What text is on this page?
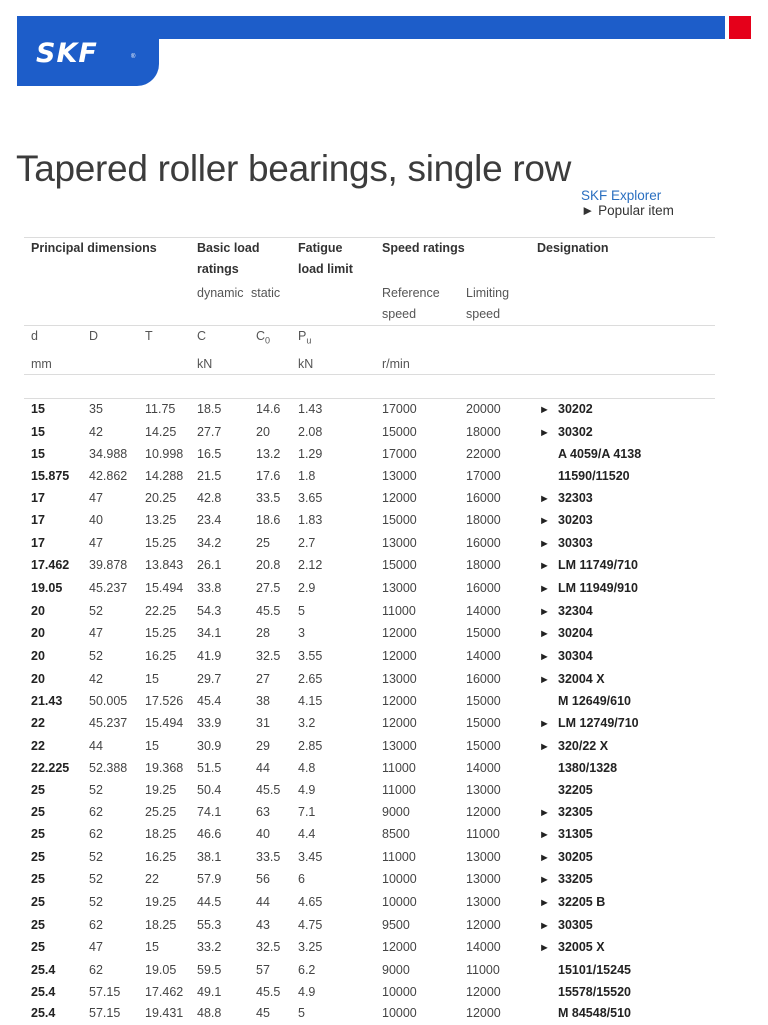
SKF	®
Tapered roller bearings, single row
SKF Explorer
► Popular item
Principal dimensions			Basic load
ratings		Fatigue
load limit	Speed ratings		Designation
			dynamic	static		Reference
speed	Limiting
speed	
d	D	T	C	$C_0$	$P_u$			
mm			kN		kN	r/min		

15	35	11.75	18.5	14.6	1.43	17000	20000	► 30202
15	42	14.25	27.7	20	2.08	15000	18000	► 30302
15	34.988	10.998	16.5	13.2	1.29	17000	22000	A 4059/A 4138
15.875	42.862	14.288	21.5	17.6	1.8	13000	17000	11590/11520
17	47	20.25	42.8	33.5	3.65	12000	16000	► 32303
17	40	13.25	23.4	18.6	1.83	15000	18000	► 30203
17	47	15.25	34.2	25	2.7	13000	16000	► 30303
17.462	39.878	13.843	26.1	20.8	2.12	15000	18000	► LM 11749/710
19.05	45.237	15.494	33.8	27.5	2.9	13000	16000	► LM 11949/910
20	52	22.25	54.3	45.5	5	11000	14000	► 32304
20	47	15.25	34.1	28	3	12000	15000	► 30204
20	52	16.25	41.9	32.5	3.55	12000	14000	► 30304
20	42	15	29.7	27	2.65	13000	16000	► 32004 X
21.43	50.005	17.526	45.4	38	4.15	12000	15000	M 12649/610
22	45.237	15.494	33.9	31	3.2	12000	15000	► LM 12749/710
22	44	15	30.9	29	2.85	13000	15000	► 320/22 X
22.225	52.388	19.368	51.5	44	4.8	11000	14000	1380/1328
25	52	19.25	50.4	45.5	4.9	11000	13000	32205
25	62	25.25	74.1	63	7.1	9000	12000	► 32305
25	62	18.25	46.6	40	4.4	8500	11000	► 31305
25	52	16.25	38.1	33.5	3.45	11000	13000	► 30205
25	52	22	57.9	56	6	10000	13000	► 33205
25	52	19.25	44.5	44	4.65	10000	13000	► 32205 B
25	62	18.25	55.3	43	4.75	9500	12000	► 30305
25	47	15	33.2	32.5	3.25	12000	14000	► 32005 X
25.4	62	19.05	59.5	57	6.2	9000	11000	15101/15245
25.4	57.15	17.462	49.1	45.5	4.9	10000	12000	15578/15520
25.4	57.15	19.431	48.8	45	5	10000	12000	M 84548/510
